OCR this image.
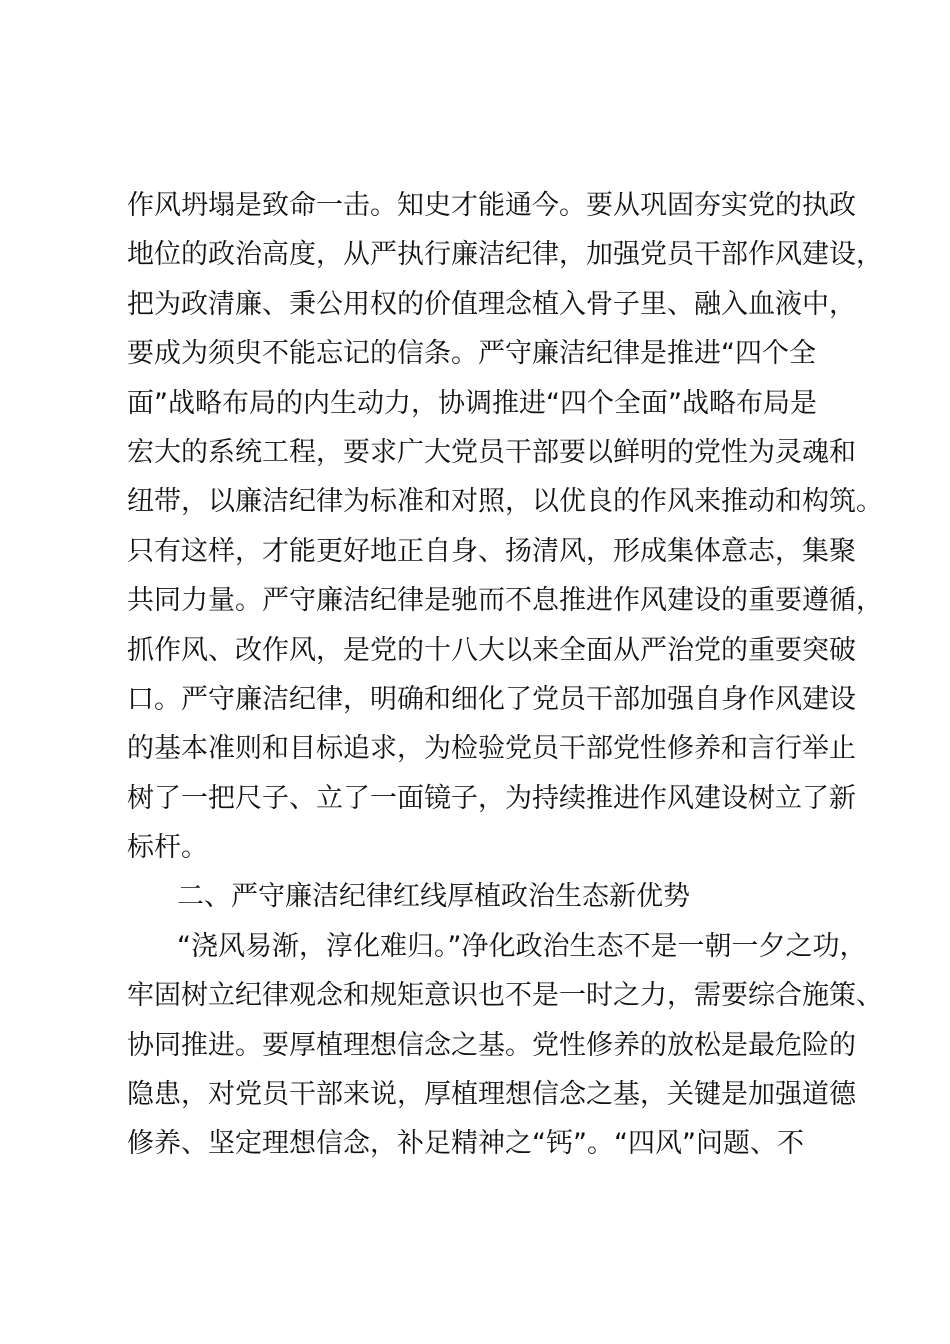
作风坍塌是致命一击。知史才能通今。要从巩固夯实党的执政
地位的政治高度，从严执行廉洁纪律，加强党员干部作风建设，
把为政清廉、秉公用权的价值理念植入骨子里、融入血液中，
要成为须臾不能忘记的信条。严守廉洁纪律是推进“四个全
面”战略布局的内生动力，协调推进“四个全面”战略布局是
宏大的系统工程，要求广大党员干部要以鲜明的党性为灵魂和
纽带，以廉洁纪律为标准和对照，以优良的作风来推动和构筑。
只有这样，才能更好地正自身、扬清风，形成集体意志，集聚
共同力量。严守廉洁纪律是驰而不息推进作风建设的重要遵循，
抓作风、改作风，是党的十八大以来全面从严治党的重要突破
口。严守廉洁纪律，明确和细化了党员干部加强自身作风建设
的基本准则和目标追求，为检验党员干部党性修养和言行举止
树了一把尺子、立了一面镜子，为持续推进作风建设树立了新
标杆。
二、严守廉洁纪律红线厚植政治生态新优势
“浇风易渐，淳化难归。”净化政治生态不是一朝一夕之功，
牢固树立纪律观念和规矩意识也不是一时之力，需要综合施策、
协同推进。要厚植理想信念之基。党性修养的放松是最危险的
隐患，对党员干部来说，厚植理想信念之基，关键是加强道德
修养、坚定理想信念，补足精神之“钙”。“四风”问题、不
